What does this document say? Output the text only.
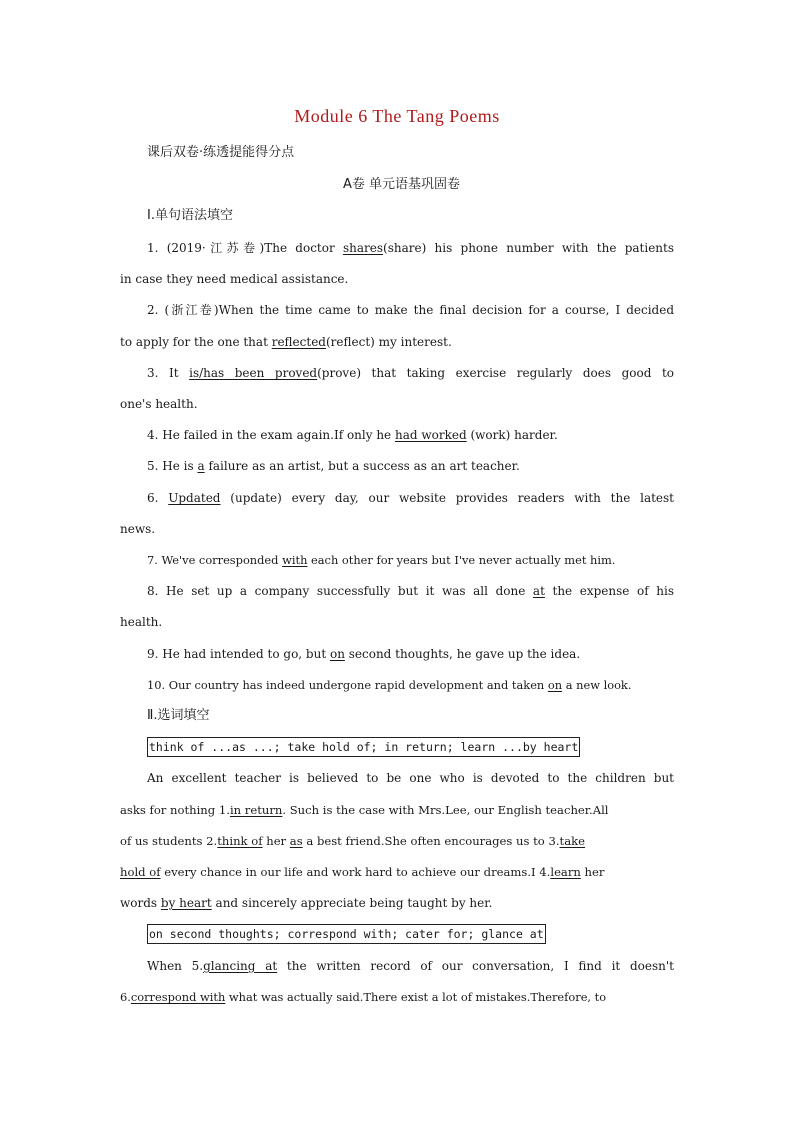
Module 6 The Tang Poems
课后双卷·练透提能得分点
A卷 单元语基巩固卷
Ⅰ.单句语法填空
1. (2019·江苏卷)The doctor shares(share) his phone number with the patients
in case they need medical assistance.
2. (浙江卷)When the time came to make the final decision for a course, I decided
to apply for the one that reflected(reflect) my interest.
3. It is/has been proved(prove) that taking exercise regularly does good to
one's health.
4. He failed in the exam again.If only he had worked (work) harder.
5. He is a failure as an artist, but a success as an art teacher.
6. Updated (update) every day, our website provides readers with the latest
news.
7. We've corresponded with each other for years but I've never actually met him.
8. He set up a company successfully but it was all done at the expense of his
health.
9. He had intended to go, but on second thoughts, he gave up the idea.
10. Our country has indeed undergone rapid development and taken on a new look.
Ⅱ.选词填空
think of ...as ...; take hold of; in return; learn ...by heart
An excellent teacher is believed to be one who is devoted to the children but
asks for nothing 1.in return. Such is the case with Mrs.Lee, our English teacher.All
of us students 2.think of her as a best friend.She often encourages us to 3.take
hold of every chance in our life and work hard to achieve our dreams.I 4.learn her
words by heart and sincerely appreciate being taught by her.
on second thoughts; correspond with; cater for; glance at
When 5.glancing at the written record of our conversation, I find it doesn't
6.correspond with what was actually said.There exist a lot of mistakes.Therefore, to
